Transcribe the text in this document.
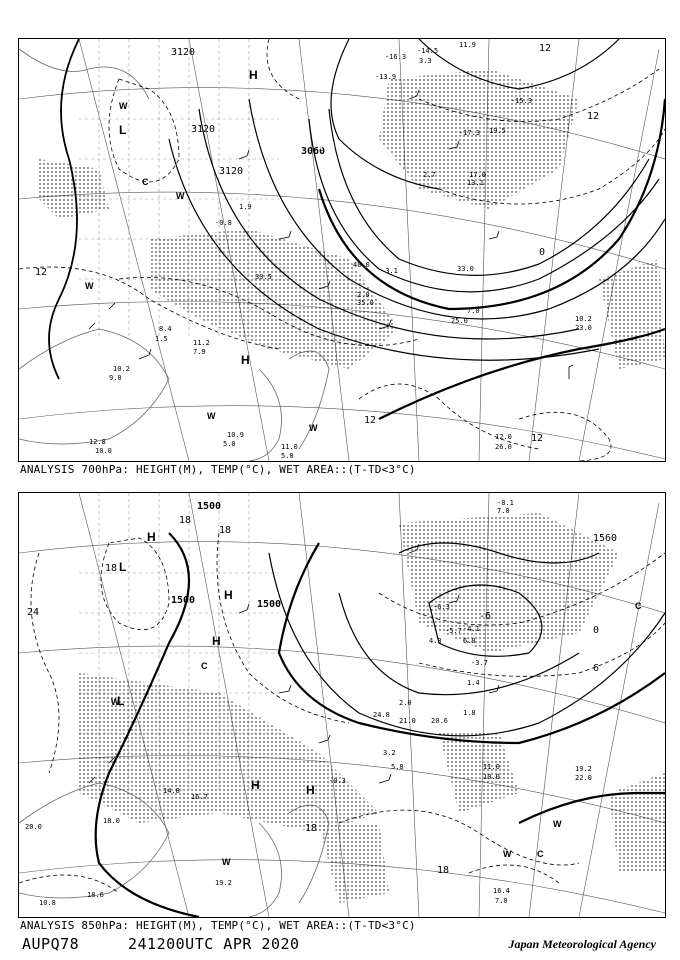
3120
3120
3120
3060
3060
12
12
12
12
12
0
H
H
L
W
W
W
W
C
W
-14.5
3.3
-16.3
-15.3
11.9
-17.3 19.5
-13.9
13.1
40.0
-3.1
33.5
35.0
33.0
25.0
2.0
10.2
23.0
12.0
26.0
11.2
7.9
10.2
9.0
12.8
10.0
10.9
5.0	11.0
5.0
-0.8
1.9
2.7	17.0
8.4
1.5
7.0
ANALYSIS 700hPa: HEIGHT(M), TEMP(°C), WET AREA::(T-TD<3°C)
1500
1500	1500
1560
18
18
18
18
18
24
0
6
-6
H
H
H
H	H
L
L
W
W
W
W
C
C
C
-8.1
7.0
-6.3
-5.7 -4.1
4.3	6.0
-3.7
1.4
3.2
5.8
2.0
24.8
21.0 20.6
1.8
-0.3
11.0
10.0
19.2
22.0
16.4
7.0
18.6
18.0
20.0
10.8
14.8
16.7
19.2
ANALYSIS 850hPa: HEIGHT(M), TEMP(°C), WET AREA::(T-TD<3°C)
AUPQ78	241200UTC APR 2020	Japan Meteorological Agency
